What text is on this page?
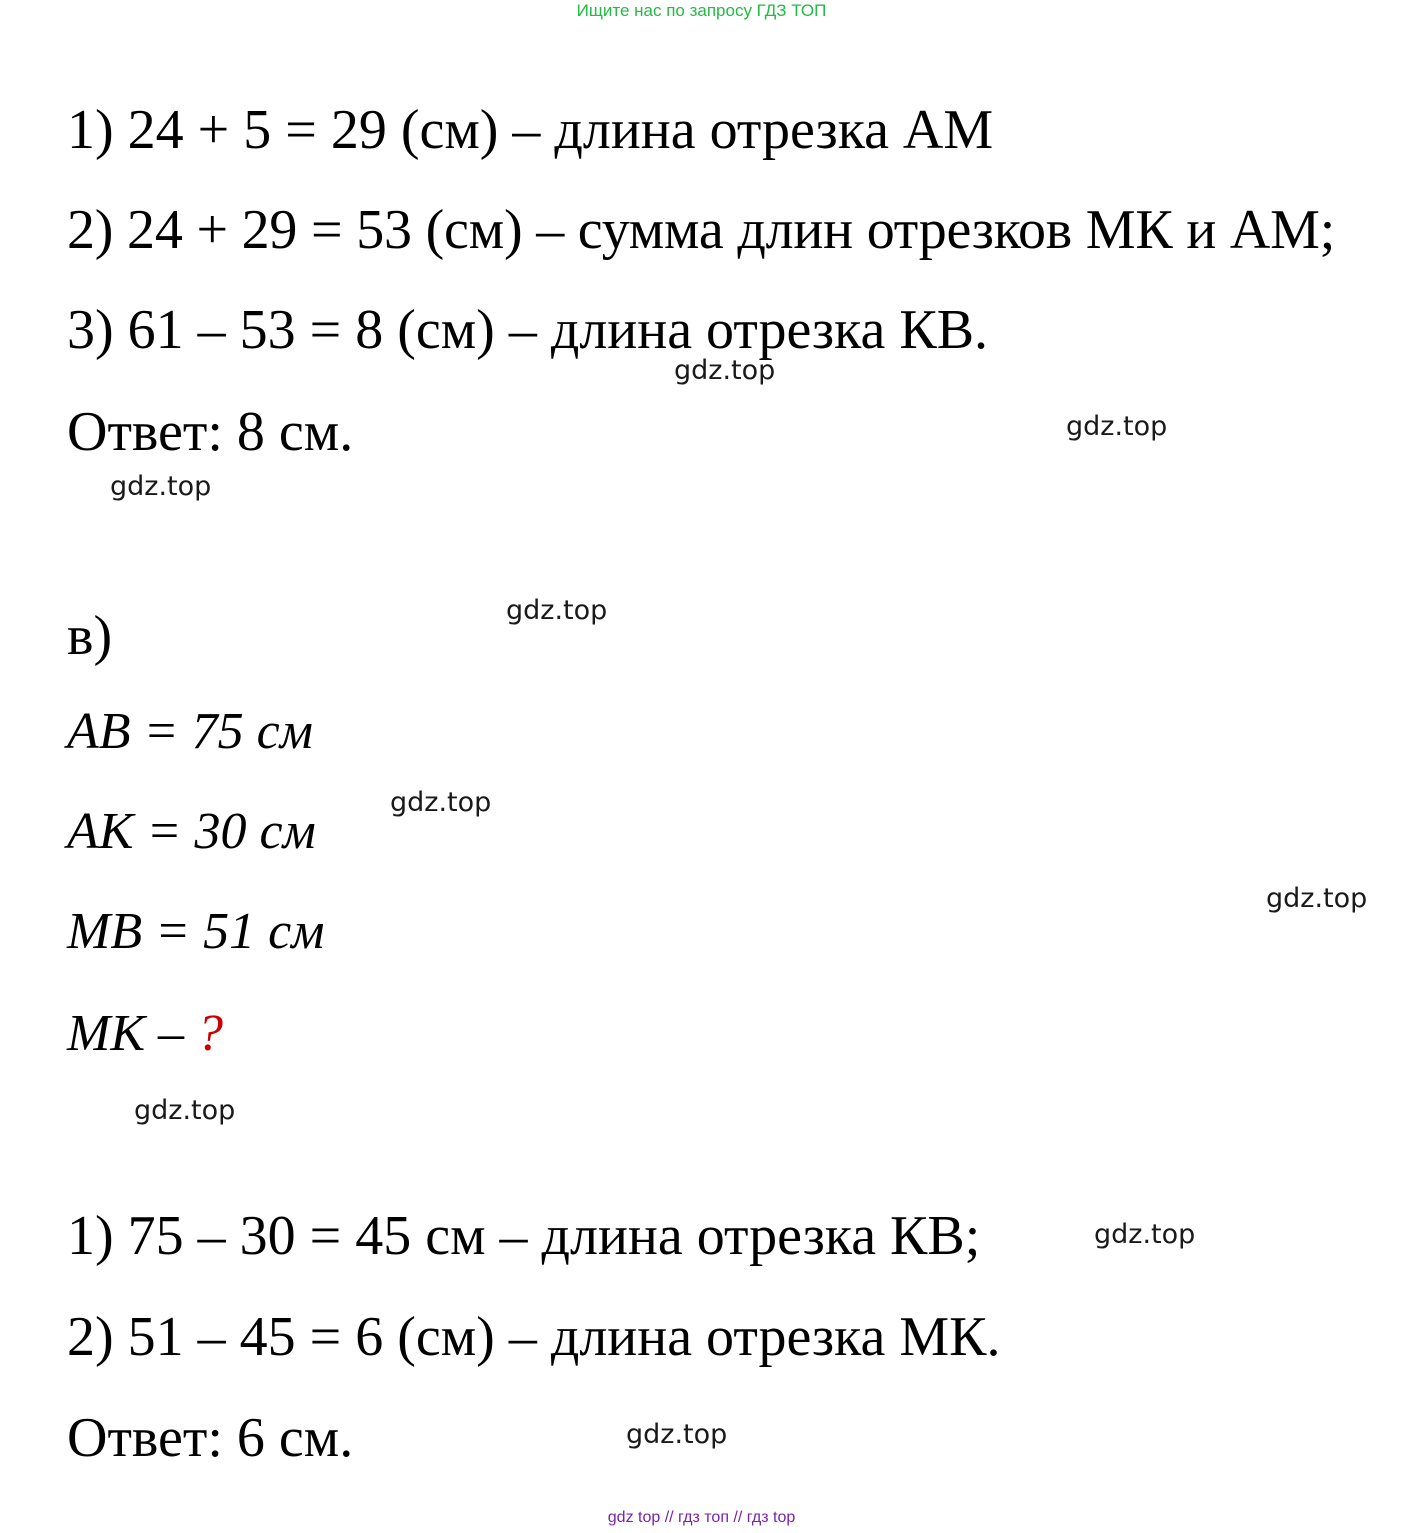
Ищите нас по запросу ГДЗ ТОП
1) 24 + 5 = 29 (см) – длина отрезка АМ
2) 24 + 29 = 53 (см) – сумма длин отрезков МК и АМ;
3) 61 – 53 = 8 (см) – длина отрезка КВ.
Ответ: 8 см.
в)
AB = 75 см
AK = 30 см
MB = 51 см
MK – ?
1) 75 – 30 = 45 см – длина отрезка КВ;
2) 51 – 45 = 6 (см) – длина отрезка МК.
Ответ: 6 см.
gdz.top
gdz.top
gdz.top
gdz.top
gdz.top
gdz.top
gdz.top
gdz.top
gdz.top
gdz top // гдз топ // гдз top
